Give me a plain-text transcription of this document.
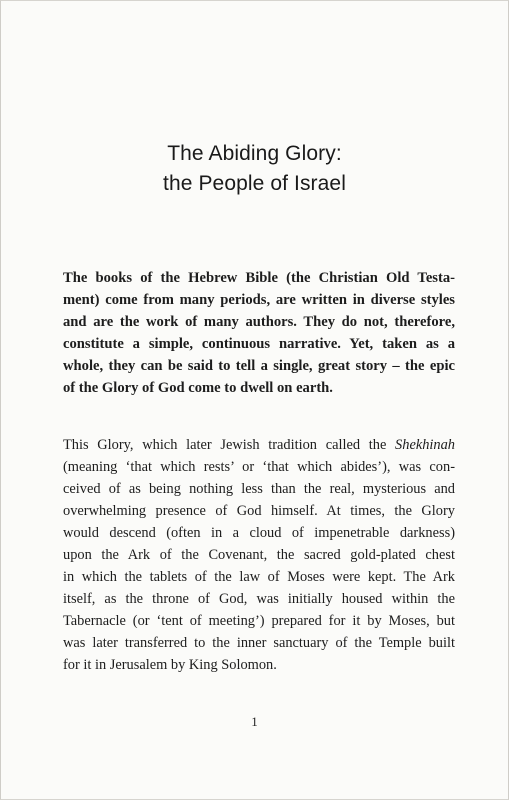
The Abiding Glory:
the People of Israel
The books of the Hebrew Bible (the Christian Old Testa-
ment) come from many periods, are written in diverse styles
and are the work of many authors. They do not, therefore,
constitute a simple, continuous narrative. Yet, taken as a
whole, they can be said to tell a single, great story – the epic
of the Glory of God come to dwell on earth.
This Glory, which later Jewish tradition called the Shekhinah
(meaning ‘that which rests’ or ‘that which abides’), was con-
ceived of as being nothing less than the real, mysterious and
overwhelming presence of God himself. At times, the Glory
would descend (often in a cloud of impenetrable darkness)
upon the Ark of the Covenant, the sacred gold-plated chest
in which the tablets of the law of Moses were kept. The Ark
itself, as the throne of God, was initially housed within the
Tabernacle (or ‘tent of meeting’) prepared for it by Moses, but
was later transferred to the inner sanctuary of the Temple built
for it in Jerusalem by King Solomon.
1
